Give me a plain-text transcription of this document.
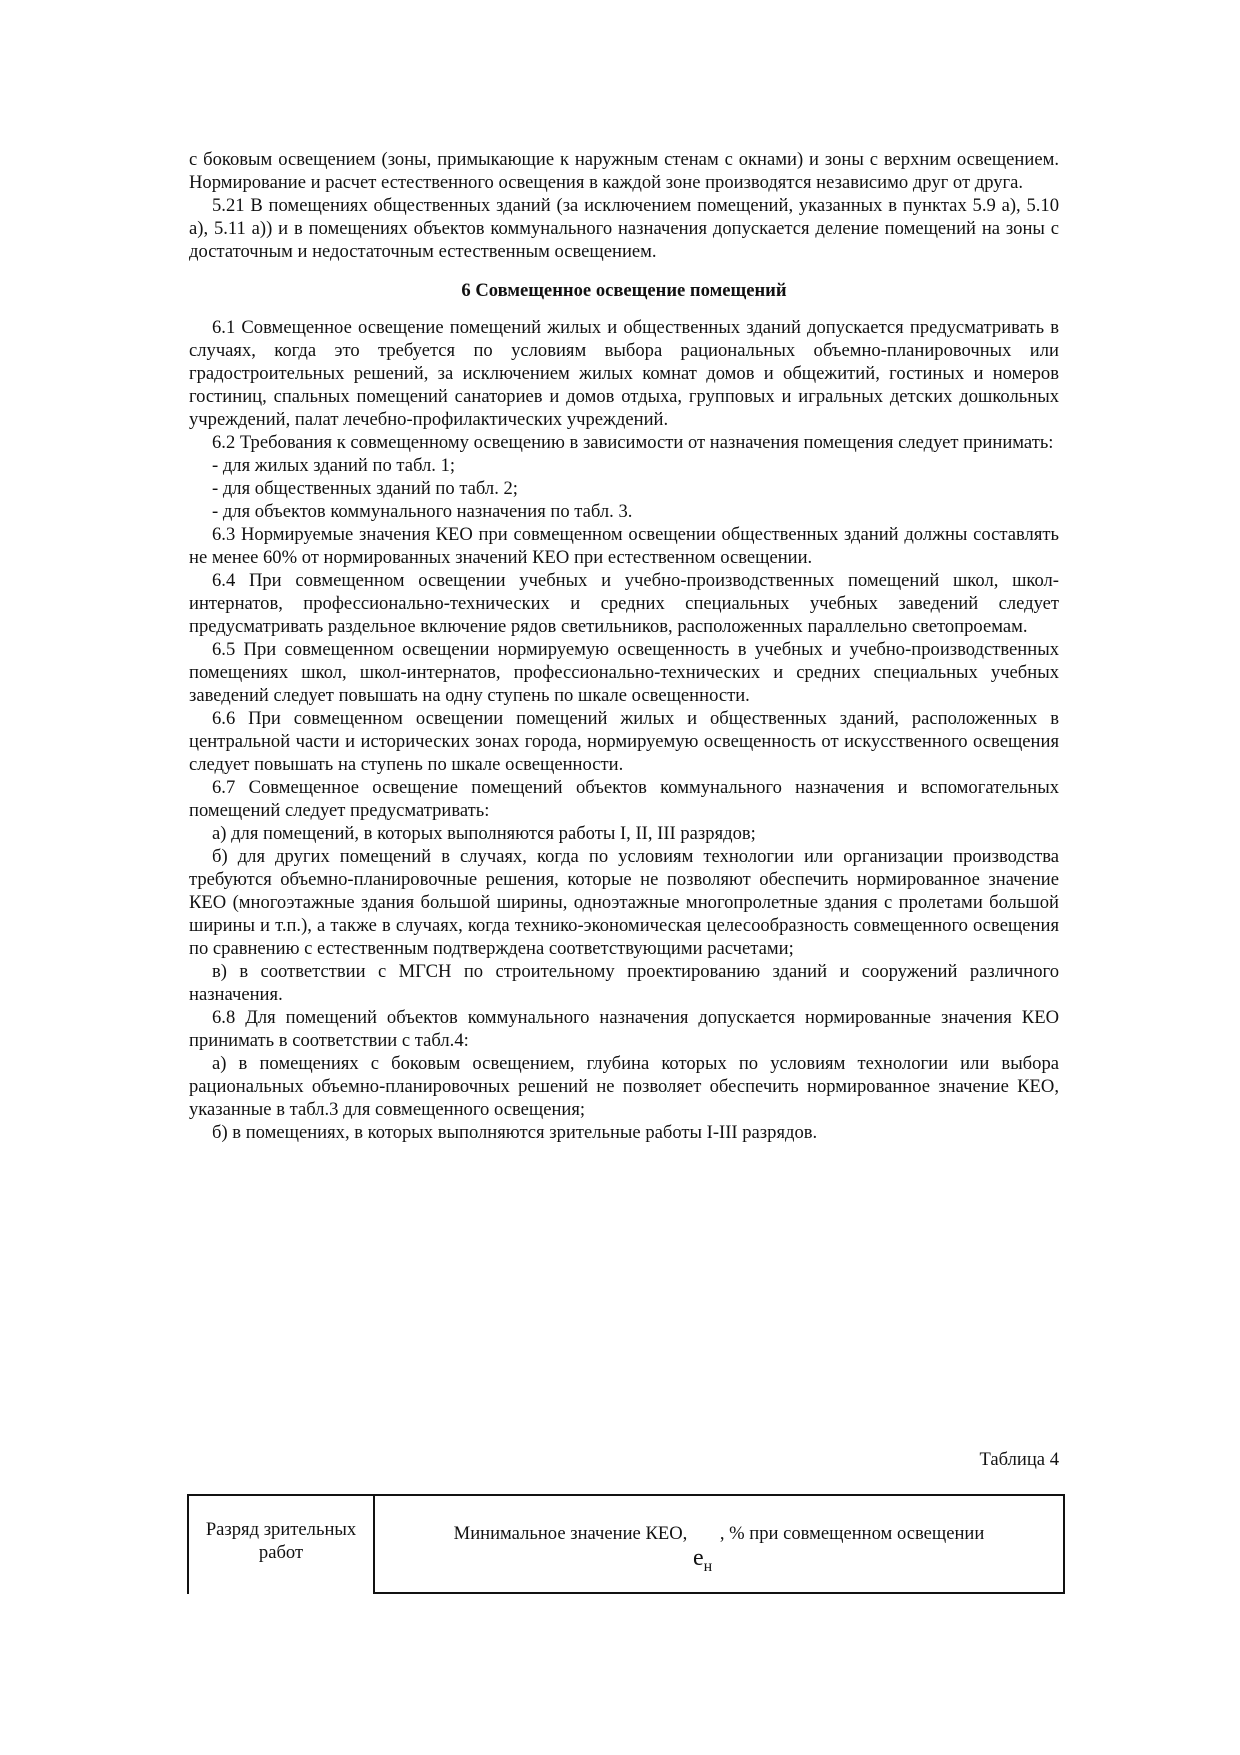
с боковым освещением (зоны, примыкающие к наружным стенам с окнами) и зоны с верхним освещением. Нормирование и расчет естественного освещения в каждой зоне производятся независимо друг от друга.

5.21 В помещениях общественных зданий (за исключением помещений, указанных в пунктах 5.9 а), 5.10 а), 5.11 а)) и в помещениях объектов коммунального назначения допускается деление помещений на зоны с достаточным и недостаточным естественным освещением.

6 Совмещенное освещение помещений

6.1 Совмещенное освещение помещений жилых и общественных зданий допускается предусматривать в случаях, когда это требуется по условиям выбора рациональных объемно-планировочных или градостроительных решений, за исключением жилых комнат домов и общежитий, гостиных и номеров гостиниц, спальных помещений санаториев и домов отдыха, групповых и игральных детских дошкольных учреждений, палат лечебно-профилактических учреждений.

6.2 Требования к совмещенному освещению в зависимости от назначения помещения следует принимать:

- для жилых зданий по табл. 1;

- для общественных зданий по табл. 2;

- для объектов коммунального назначения по табл. 3.

6.3 Нормируемые значения КЕО при совмещенном освещении общественных зданий должны составлять не менее 60% от нормированных значений КЕО при естественном освещении.

6.4 При совмещенном освещении учебных и учебно-производственных помещений школ, школ-интернатов, профессионально-технических и средних специальных учебных заведений следует предусматривать раздельное включение рядов светильников, расположенных параллельно светопроемам.

6.5 При совмещенном освещении нормируемую освещенность в учебных и учебно-производственных помещениях школ, школ-интернатов, профессионально-технических и средних специальных учебных заведений следует повышать на одну ступень по шкале освещенности.

6.6 При совмещенном освещении помещений жилых и общественных зданий, расположенных в центральной части и исторических зонах города, нормируемую освещенность от искусственного освещения следует повышать на ступень по шкале освещенности.

6.7 Совмещенное освещение помещений объектов коммунального назначения и вспомогательных помещений следует предусматривать:

а) для помещений, в которых выполняются работы I, II, III разрядов;

б) для других помещений в случаях, когда по условиям технологии или организации производства требуются объемно-планировочные решения, которые не позволяют обеспечить нормированное значение КЕО (многоэтажные здания большой ширины, одноэтажные многопролетные здания с пролетами большой ширины и т.п.), а также в случаях, когда технико-экономическая целесообразность совмещенного освещения по сравнению с естественным подтверждена соответствующими расчетами;

в) в соответствии с МГСН по строительному проектированию зданий и сооружений различного назначения.

6.8 Для помещений объектов коммунального назначения допускается нормированные значения КЕО принимать в соответствии с табл.4:

а) в помещениях с боковым освещением, глубина которых по условиям технологии или выбора рациональных объемно-планировочных решений не позволяет обеспечить нормированное значение КЕО, указанные в табл.3 для совмещенного освещения;

б) в помещениях, в которых выполняются зрительные работы I-III разрядов.

Таблица 4
Разряд зрительных работ
Минимальное значение КЕО,       , % при совмещенном освещении
$e_н$
